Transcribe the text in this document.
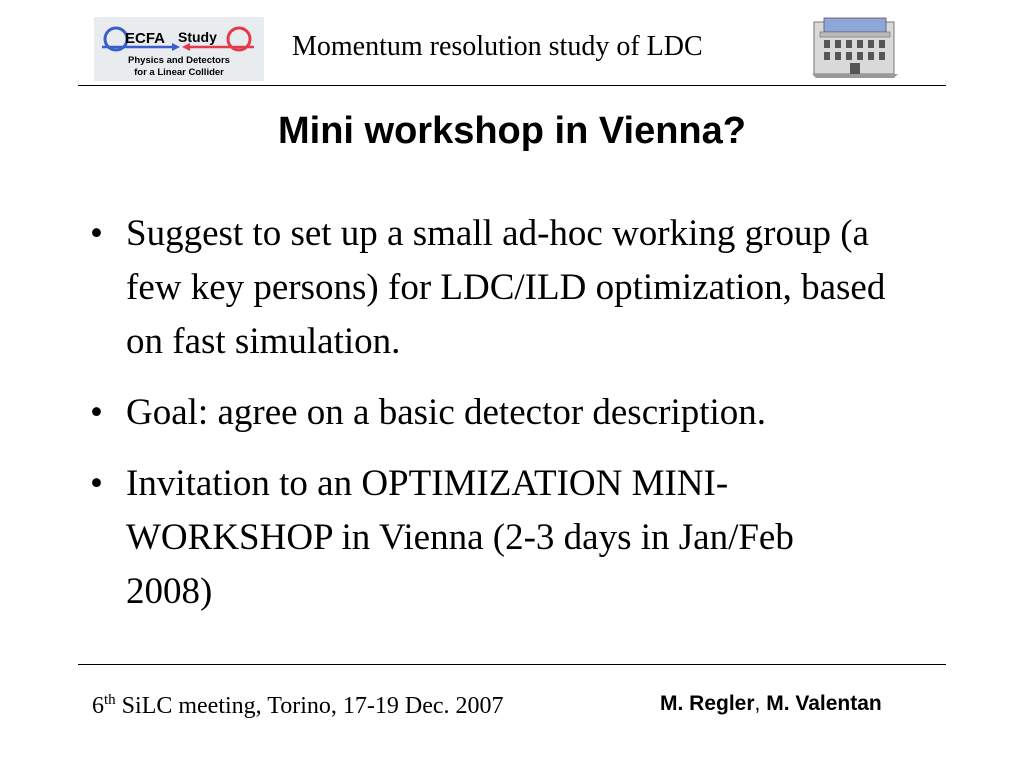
ECFA Study
Physics and Detectors
for a Linear Collider
Momentum resolution study of LDC
Mini workshop in Vienna?
• Suggest to set up a small ad-hoc working group (a few key persons) for LDC/ILD optimization, based on fast simulation.
• Goal: agree on a basic detector description.
• Invitation to an OPTIMIZATION MINI-WORKSHOP in Vienna (2-3 days in Jan/Feb 2008)
6th SiLC meeting, Torino, 17-19 Dec. 2007	M. Regler, M. Valentan
